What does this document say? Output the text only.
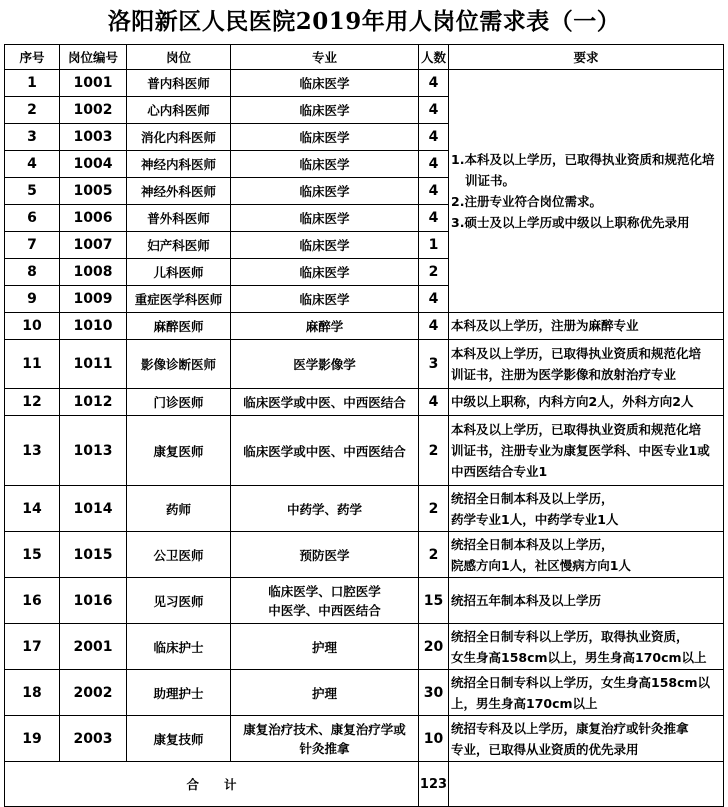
洛阳新区人民医院2019年用人岗位需求表（一）
序号	岗位编号	岗位	专业	人数	要求
1	1001	普内科医师	临床医学	4	1.本科及以上学历，已取得执业资质和规范化培
训证书。
2.注册专业符合岗位需求。
3.硕士及以上学历或中级以上职称优先录用

2	1002	心内科医师	临床医学	4	
3	1003	消化内科医师	临床医学	4	
4	1004	神经内科医师	临床医学	4	
5	1005	神经外科医师	临床医学	4	
6	1006	普外科医师	临床医学	4	
7	1007	妇产科医师	临床医学	1	
8	1008	儿科医师	临床医学	2	
9	1009	重症医学科医师	临床医学	4	
10	1010	麻醉医师	麻醉学	4	本科及以上学历，注册为麻醉专业

11	1011	影像诊断医师	医学影像学	3	本科及以上学历，已取得执业资质和规范化培
训证书，注册为医学影像和放射治疗专业

12	1012	门诊医师	临床医学或中医、中西医结合	4	中级以上职称，内科方向2人，外科方向2人

13	1013	康复医师	临床医学或中医、中西医结合	2	本科及以上学历，已取得执业资质和规范化培
训证书，注册专业为康复医学科、中医专业1或
中西医结合专业1

14	1014	药师	中药学、药学	2	统招全日制本科及以上学历，
药学专业1人，中药学专业1人

15	1015	公卫医师	预防医学	2	统招全日制本科及以上学历，
院感方向1人，社区慢病方向1人

16	1016	见习医师	临床医学、口腔医学
中医学、中西医结合	15	统招五年制本科及以上学历

17	2001	临床护士	护理	20	统招全日制专科以上学历，取得执业资质，
女生身高158cm以上，男生身高170cm以上

18	2002	助理护士	护理	30	统招全日制专科以上学历，女生身高158cm以
上，男生身高170cm以上

19	2003	康复技师	康复治疗技术、康复治疗学或
针灸推拿	10	统招专科及以上学历，康复治疗或针灸推拿
专业，已取得从业资质的优先录用

合　　计				123	
